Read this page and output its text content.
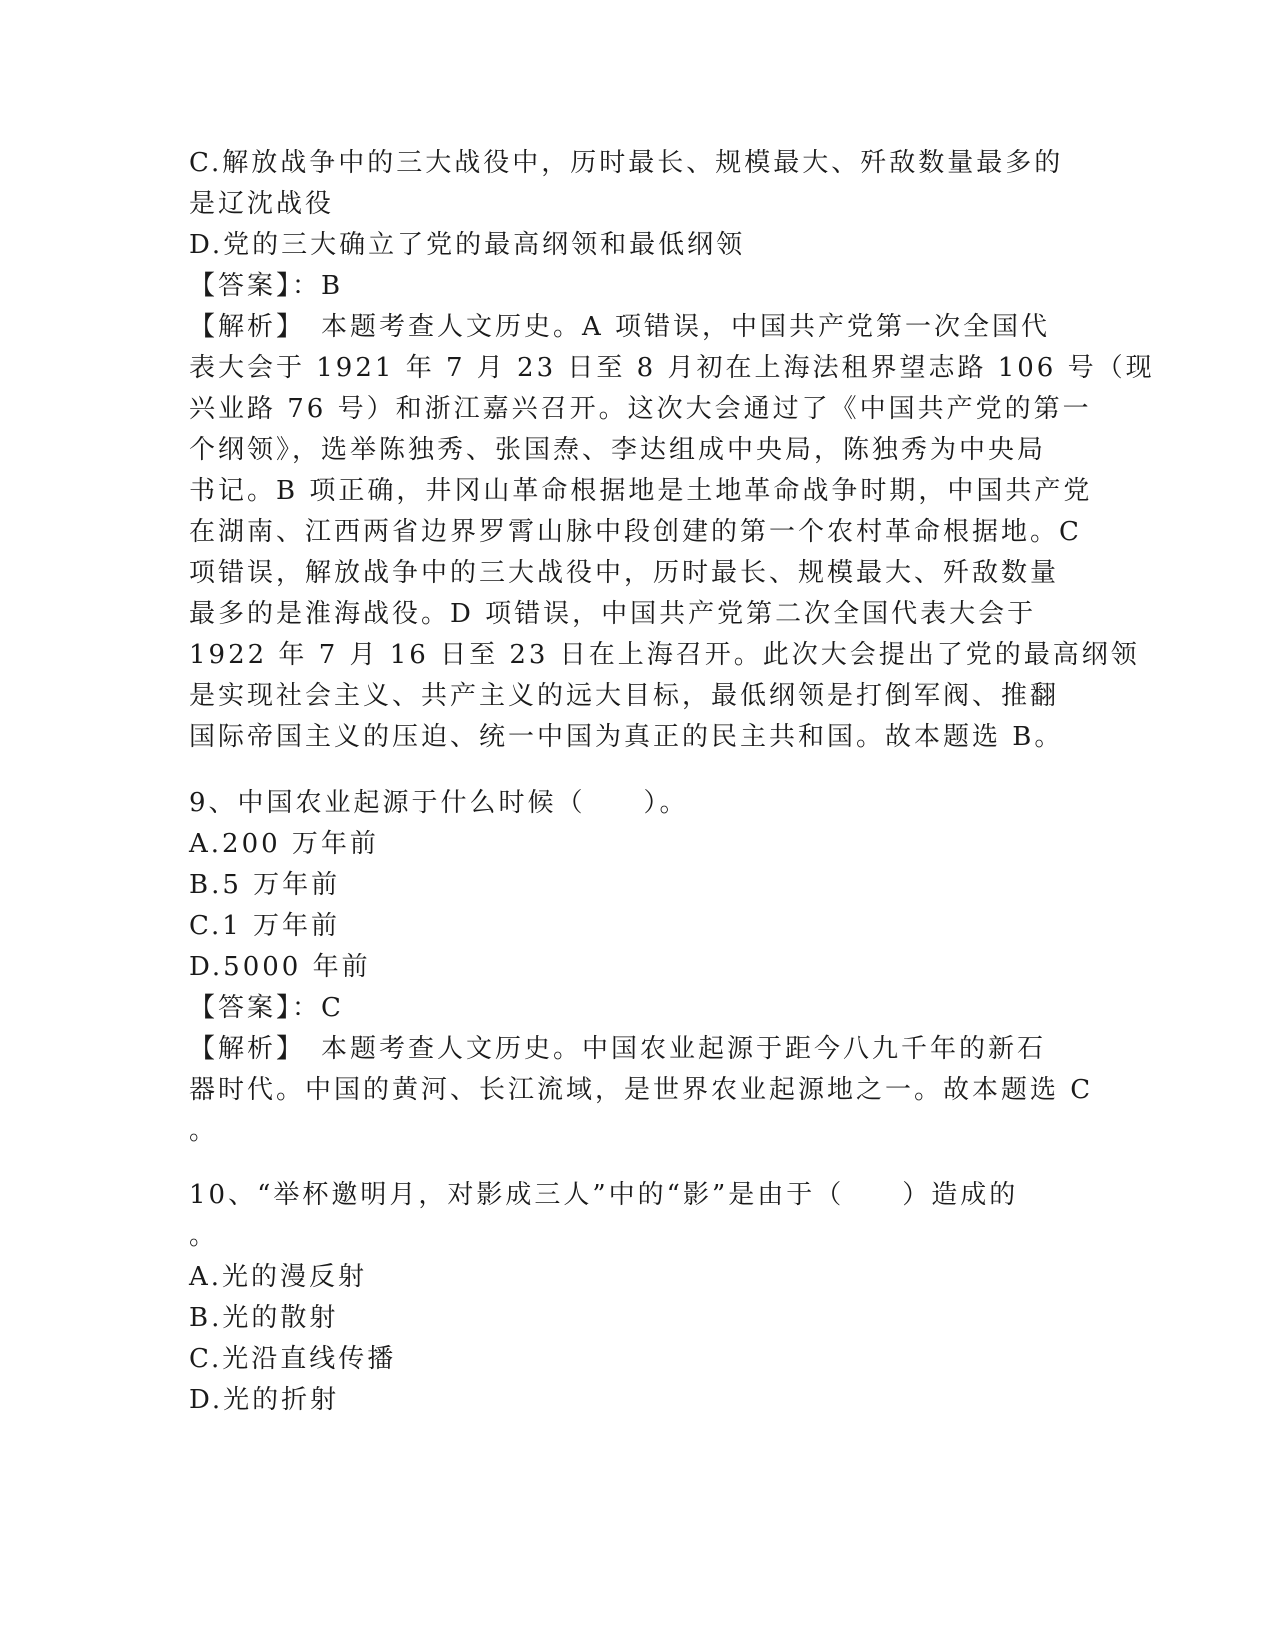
C.解放战争中的三大战役中，历时最长、规模最大、歼敌数量最多的
是辽沈战役
D.党的三大确立了党的最高纲领和最低纲领
【答案】：B
【解析】　本题考查人文历史。A 项错误，中国共产党第一次全国代
表大会于 1921 年 7 月 23 日至 8 月初在上海法租界望志路 106 号（现
兴业路 76 号）和浙江嘉兴召开。这次大会通过了《中国共产党的第一
个纲领》，选举陈独秀、张国焘、李达组成中央局，陈独秀为中央局
书记。B 项正确，井冈山革命根据地是土地革命战争时期，中国共产党
在湖南、江西两省边界罗霄山脉中段创建的第一个农村革命根据地。C
项错误，解放战争中的三大战役中，历时最长、规模最大、歼敌数量
最多的是淮海战役。D 项错误，中国共产党第二次全国代表大会于
1922 年 7 月 16 日至 23 日在上海召开。此次大会提出了党的最高纲领
是实现社会主义、共产主义的远大目标，最低纲领是打倒军阀、推翻
国际帝国主义的压迫、统一中国为真正的民主共和国。故本题选 B。
9、中国农业起源于什么时候（　　）。
A.200 万年前
B.5 万年前
C.1 万年前
D.5000 年前
【答案】：C
【解析】　本题考查人文历史。中国农业起源于距今八九千年的新石
器时代。中国的黄河、长江流域，是世界农业起源地之一。故本题选 C
。
10、“举杯邀明月，对影成三人”中的“影”是由于（　　）造成的
。
A.光的漫反射
B.光的散射
C.光沿直线传播
D.光的折射
